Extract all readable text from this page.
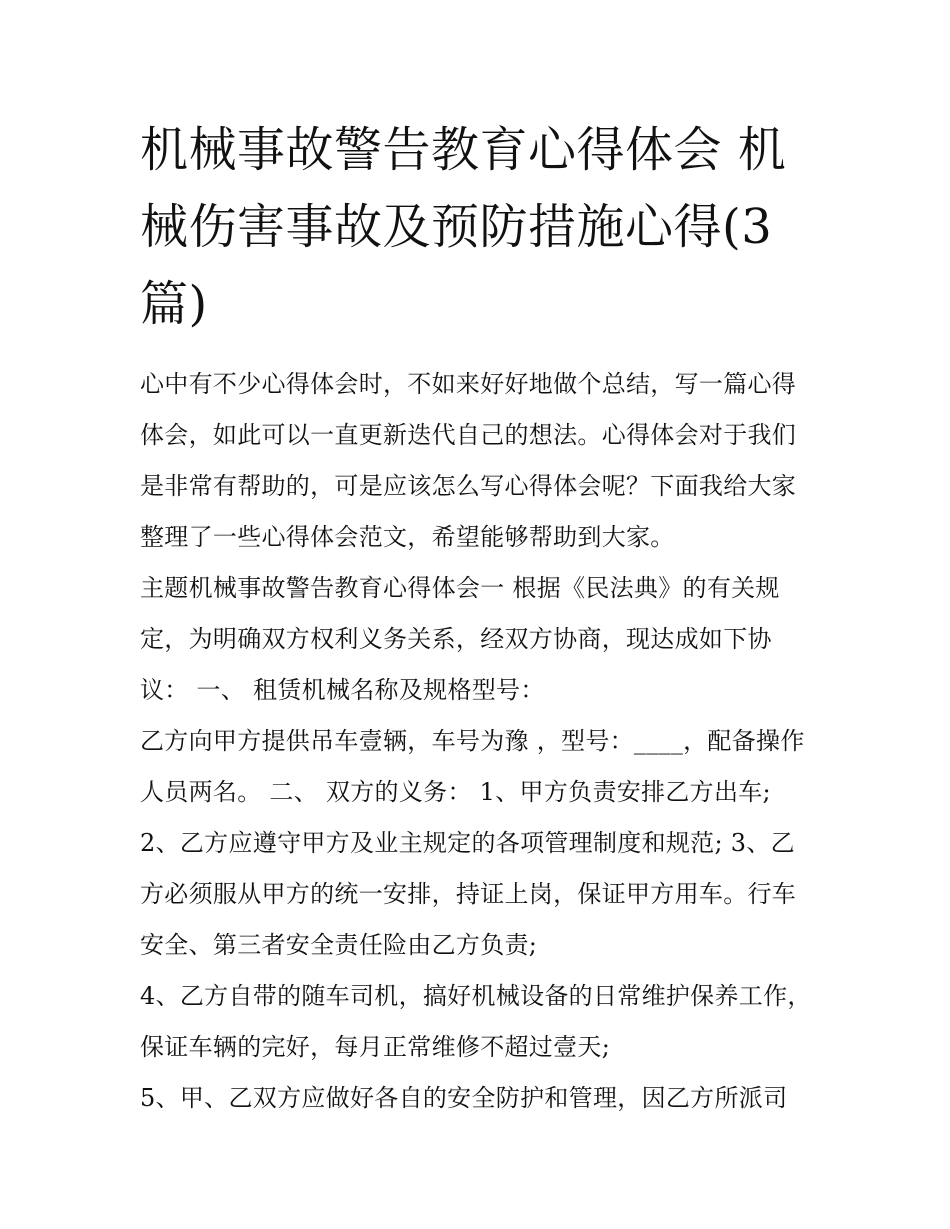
机械事故警告教育心得体会 机械伤害事故及预防措施心得(3篇)

心中有不少心得体会时，不如来好好地做个总结，写一篇心得体会，如此可以一直更新迭代自己的想法。心得体会对于我们是非常有帮助的，可是应该怎么写心得体会呢？下面我给大家整理了一些心得体会范文，希望能够帮助到大家。

主题机械事故警告教育心得体会一 根据《民法典》的有关规定，为明确双方权利义务关系，经双方协商，现达成如下协议： 一、 租赁机械名称及规格型号：

乙方向甲方提供吊车壹辆，车号为豫 ，型号：____，配备操作人员两名。 二、 双方的义务： 1、甲方负责安排乙方出车; 2、乙方应遵守甲方及业主规定的各项管理制度和规范; 3、乙方必须服从甲方的统一安排，持证上岗，保证甲方用车。行车安全、第三者安全责任险由乙方负责;

4、乙方自带的随车司机，搞好机械设备的日常维护保养工作，保证车辆的完好，每月正常维修不超过壹天;

5、甲、乙双方应做好各自的安全防护和管理，因乙方所派司
